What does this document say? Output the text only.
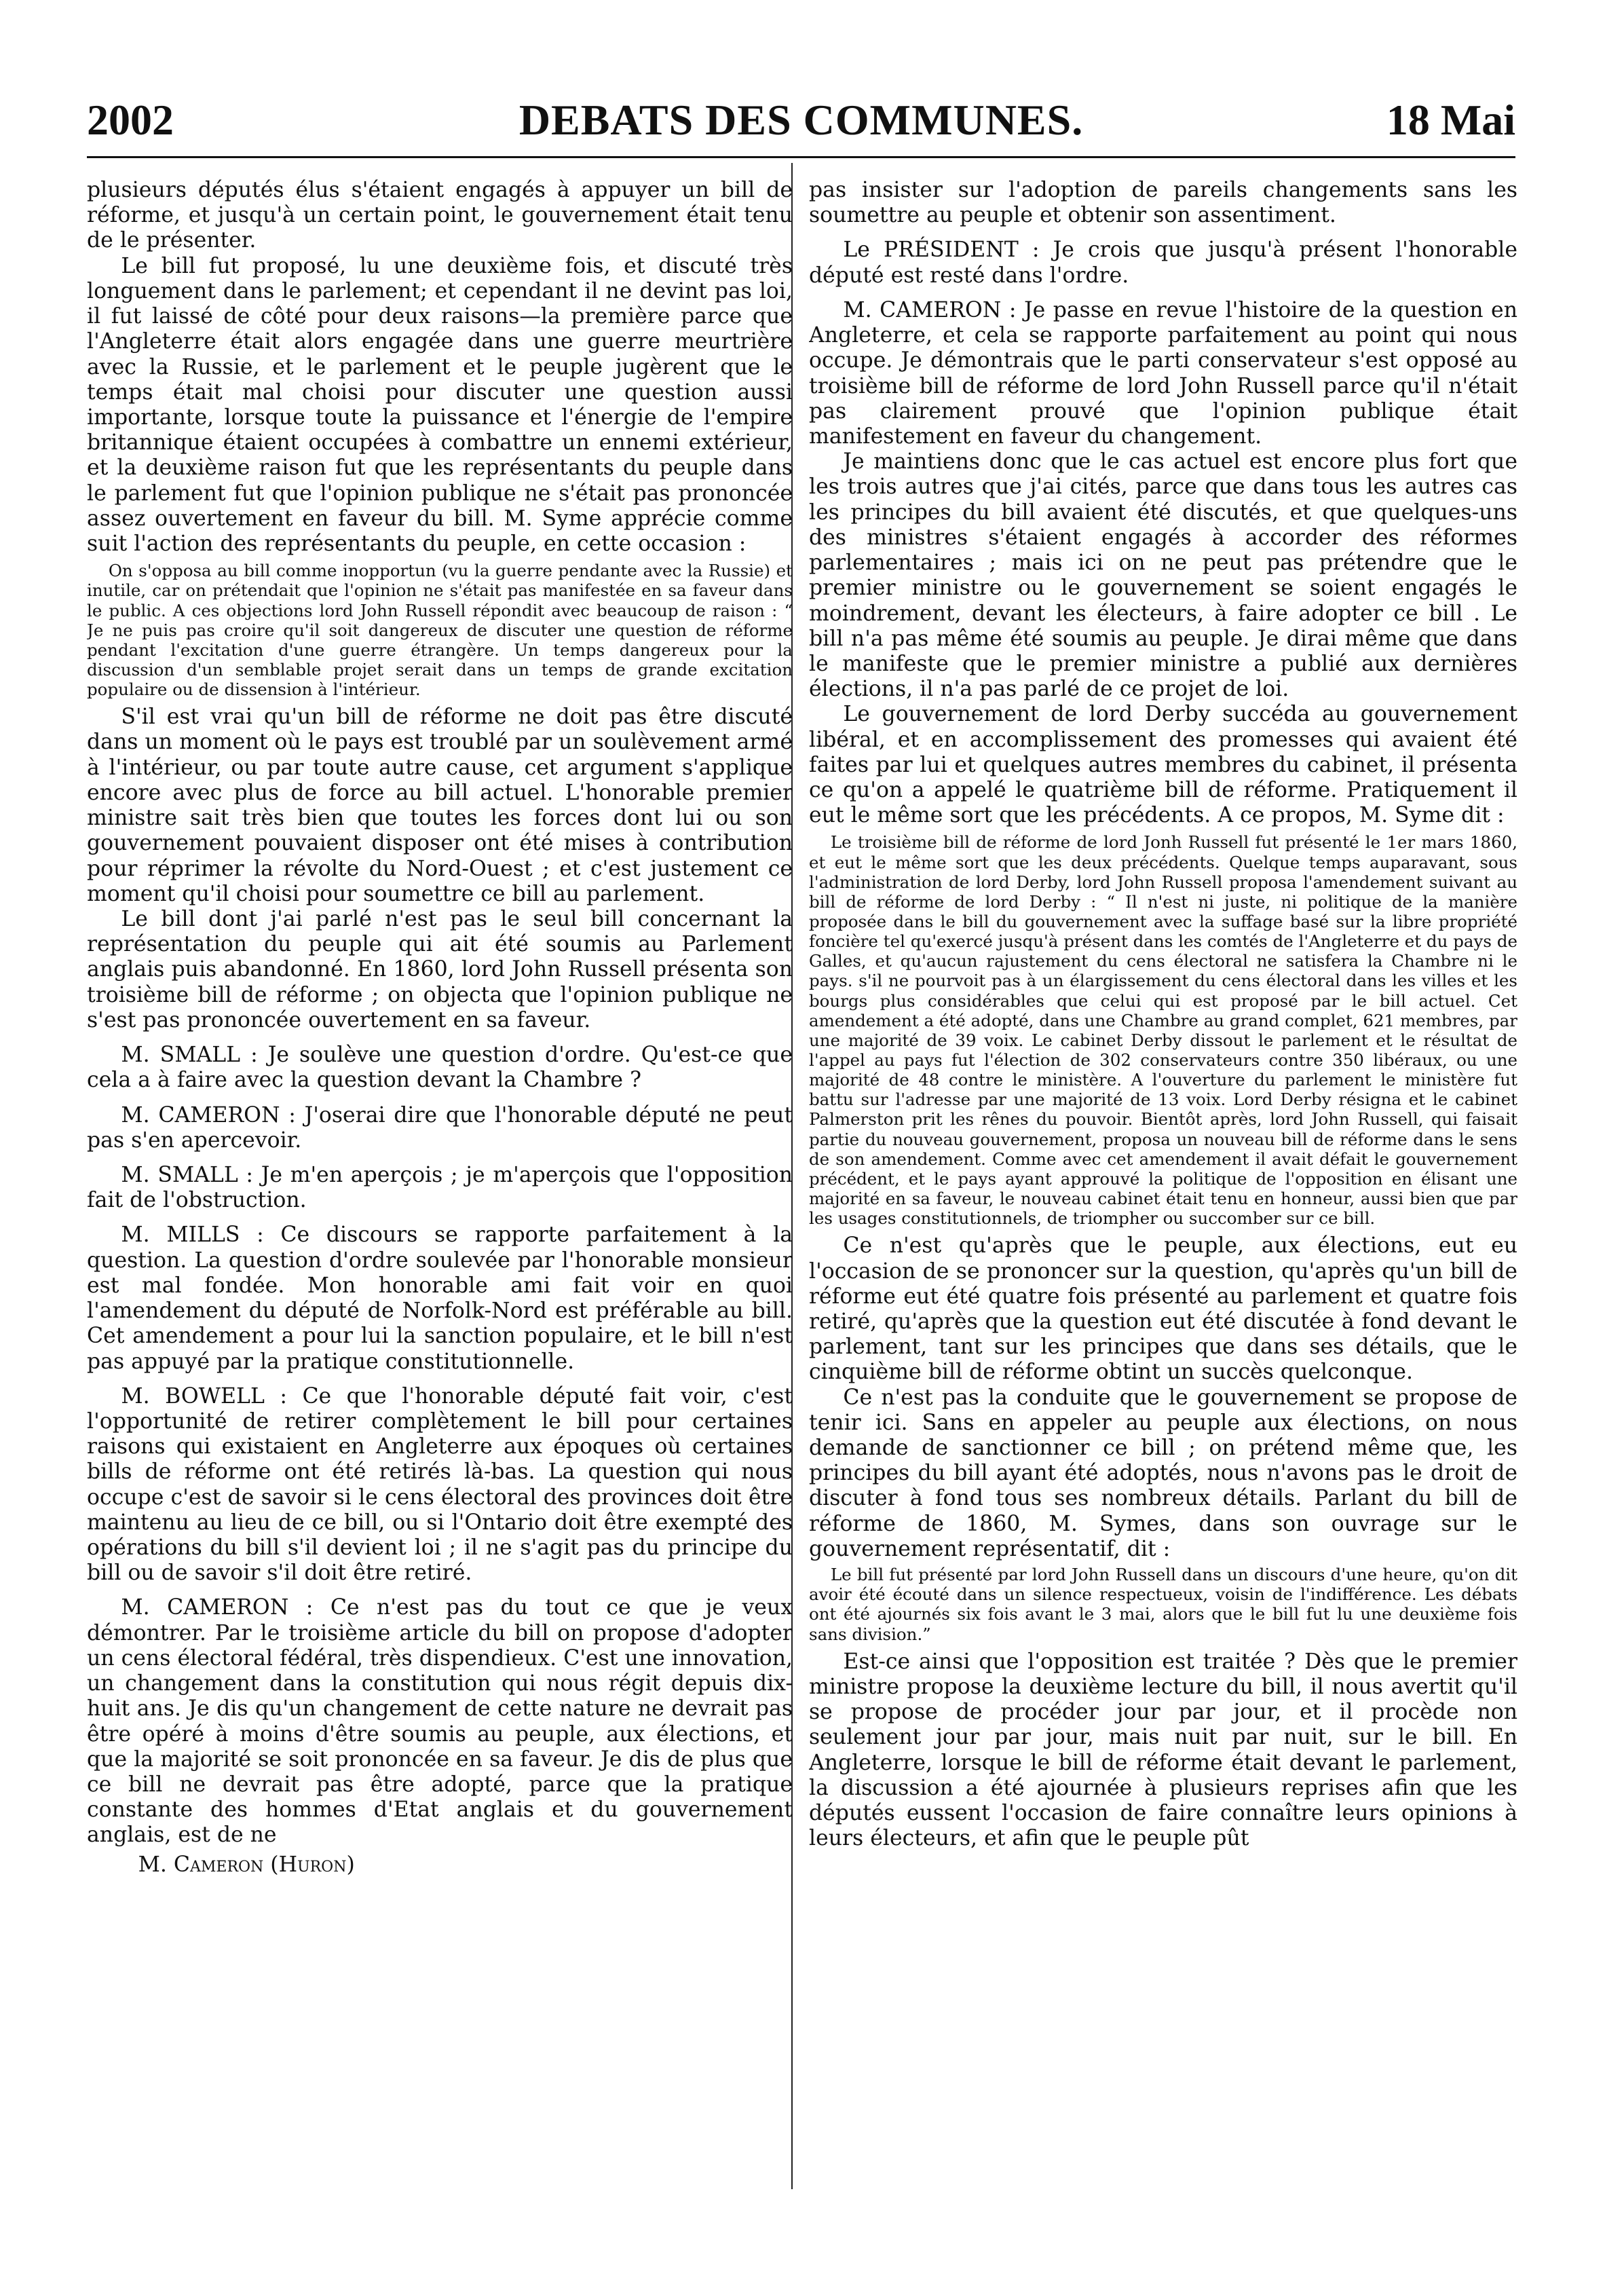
2002	DEBATS DES COMMUNES.	18 Mai

plusieurs députés élus s'étaient engagés à appuyer un bill de réforme, et jusqu'à un certain point, le gouvernement était tenu de le présenter.

Le bill fut proposé, lu une deuxième fois, et discuté très longuement dans le parlement; et cependant il ne devint pas loi, il fut laissé de côté pour deux raisons—la première parce que l'Angleterre était alors engagée dans une guerre meurtrière avec la Russie, et le parlement et le peuple jugèrent que le temps était mal choisi pour discuter une question aussi importante, lorsque toute la puissance et l'énergie de l'empire britannique étaient occupées à combattre un ennemi extérieur, et la deuxième raison fut que les représentants du peuple dans le parlement fut que l'opinion publique ne s'était pas prononcée assez ouvertement en faveur du bill. M. Syme apprécie comme suit l'action des représentants du peuple, en cette occasion :

On s'opposa au bill comme inopportun (vu la guerre pendante avec la Russie) et inutile, car on prétendait que l'opinion ne s'était pas manifestée en sa faveur dans le public. A ces objections lord John Russell répondit avec beaucoup de raison : “ Je ne puis pas croire qu'il soit dangereux de discuter une question de réforme pendant l'excitation d'une guerre étrangère. Un temps dangereux pour la discussion d'un semblable projet serait dans un temps de grande excitation populaire ou de dissension à l'intérieur.

S'il est vrai qu'un bill de réforme ne doit pas être discuté dans un moment où le pays est troublé par un soulèvement armé à l'intérieur, ou par toute autre cause, cet argument s'applique encore avec plus de force au bill actuel. L'honorable premier ministre sait très bien que toutes les forces dont lui ou son gouvernement pouvaient disposer ont été mises à contribution pour réprimer la révolte du Nord-Ouest ; et c'est justement ce moment qu'il choisi pour soumettre ce bill au parlement.

Le bill dont j'ai parlé n'est pas le seul bill concernant la représentation du peuple qui ait été soumis au Parlement anglais puis abandonné. En 1860, lord John Russell présenta son troisième bill de réforme ; on objecta que l'opinion publique ne s'est pas prononcée ouvertement en sa faveur.

M. SMALL : Je soulève une question d'ordre. Qu'est-ce que cela a à faire avec la question devant la Chambre ?

M. CAMERON : J'oserai dire que l'honorable député ne peut pas s'en apercevoir.

M. SMALL : Je m'en aperçois ; je m'aperçois que l'opposition fait de l'obstruction.

M. MILLS : Ce discours se rapporte parfaitement à la question. La question d'ordre soulevée par l'honorable monsieur est mal fondée. Mon honorable ami fait voir en quoi l'amendement du député de Norfolk-Nord est préférable au bill. Cet amendement a pour lui la sanction populaire, et le bill n'est pas appuyé par la pratique constitutionnelle.

M. BOWELL : Ce que l'honorable député fait voir, c'est l'opportunité de retirer complètement le bill pour certaines raisons qui existaient en Angleterre aux époques où certaines bills de réforme ont été retirés là-bas. La question qui nous occupe c'est de savoir si le cens électoral des provinces doit être maintenu au lieu de ce bill, ou si l'Ontario doit être exempté des opérations du bill s'il devient loi ; il ne s'agit pas du principe du bill ou de savoir s'il doit être retiré.

M. CAMERON : Ce n'est pas du tout ce que je veux démontrer. Par le troisième article du bill on propose d'adopter un cens électoral fédéral, très dispendieux. C'est une innovation, un changement dans la constitution qui nous régit depuis dix-huit ans. Je dis qu'un changement de cette nature ne devrait pas être opéré à moins d'être soumis au peuple, aux élections, et que la majorité se soit prononcée en sa faveur. Je dis de plus que ce bill ne devrait pas être adopté, parce que la pratique constante des hommes d'Etat anglais et du gouvernement anglais, est de ne

M. Cameron (Huron)

pas insister sur l'adoption de pareils changements sans les soumettre au peuple et obtenir son assentiment.

Le PRÉSIDENT : Je crois que jusqu'à présent l'honorable député est resté dans l'ordre.

M. CAMERON : Je passe en revue l'histoire de la question en Angleterre, et cela se rapporte parfaitement au point qui nous occupe. Je démontrais que le parti conservateur s'est opposé au troisième bill de réforme de lord John Russell parce qu'il n'était pas clairement prouvé que l'opinion publique était manifestement en faveur du changement.

Je maintiens donc que le cas actuel est encore plus fort que les trois autres que j'ai cités, parce que dans tous les autres cas les principes du bill avaient été discutés, et que quelques-uns des ministres s'étaient engagés à accorder des réformes parlementaires ; mais ici on ne peut pas prétendre que le premier ministre ou le gouvernement se soient engagés le moindrement, devant les électeurs, à faire adopter ce bill . Le bill n'a pas même été soumis au peuple. Je dirai même que dans le manifeste que le premier ministre a publié aux dernières élections, il n'a pas parlé de ce projet de loi.

Le gouvernement de lord Derby succéda au gouvernement libéral, et en accomplissement des promesses qui avaient été faites par lui et quelques autres membres du cabinet, il présenta ce qu'on a appelé le quatrième bill de réforme. Pratiquement il eut le même sort que les précédents. A ce propos, M. Syme dit :

Le troisième bill de réforme de lord Jonh Russell fut présenté le 1er mars 1860, et eut le même sort que les deux précédents. Quelque temps auparavant, sous l'administration de lord Derby, lord John Russell proposa l'amendement suivant au bill de réforme de lord Derby : “ Il n'est ni juste, ni politique de la manière proposée dans le bill du gouvernement avec la suffage basé sur la libre propriété foncière tel qu'exercé jusqu'à présent dans les comtés de l'Angleterre et du pays de Galles, et qu'aucun rajustement du cens électoral ne satisfera la Chambre ni le pays. s'il ne pourvoit pas à un élargissement du cens électoral dans les villes et les bourgs plus considérables que celui qui est proposé par le bill actuel. Cet amendement a été adopté, dans une Chambre au grand complet, 621 membres, par une majorité de 39 voix. Le cabinet Derby dissout le parlement et le résultat de l'appel au pays fut l'élection de 302 conservateurs contre 350 libéraux, ou une majorité de 48 contre le ministère. A l'ouverture du parlement le ministère fut battu sur l'adresse par une majorité de 13 voix. Lord Derby résigna et le cabinet Palmerston prit les rênes du pouvoir. Bientôt après, lord John Russell, qui faisait partie du nouveau gouvernement, proposa un nouveau bill de réforme dans le sens de son amendement. Comme avec cet amendement il avait défait le gouvernement précédent, et le pays ayant approuvé la politique de l'opposition en élisant une majorité en sa faveur, le nouveau cabinet était tenu en honneur, aussi bien que par les usages constitutionnels, de triompher ou succomber sur ce bill.

Ce n'est qu'après que le peuple, aux élections, eut eu l'occasion de se prononcer sur la question, qu'après qu'un bill de réforme eut été quatre fois présenté au parlement et quatre fois retiré, qu'après que la question eut été discutée à fond devant le parlement, tant sur les principes que dans ses détails, que le cinquième bill de réforme obtint un succès quelconque.

Ce n'est pas la conduite que le gouvernement se propose de tenir ici. Sans en appeler au peuple aux élections, on nous demande de sanctionner ce bill ; on prétend même que, les principes du bill ayant été adoptés, nous n'avons pas le droit de discuter à fond tous ses nombreux détails. Parlant du bill de réforme de 1860, M. Symes, dans son ouvrage sur le gouvernement représentatif, dit :

Le bill fut présenté par lord John Russell dans un discours d'une heure, qu'on dit avoir été écouté dans un silence respectueux, voisin de l'indifférence. Les débats ont été ajournés six fois avant le 3 mai, alors que le bill fut lu une deuxième fois sans division.”

Est-ce ainsi que l'opposition est traitée ? Dès que le premier ministre propose la deuxième lecture du bill, il nous avertit qu'il se propose de procéder jour par jour, et il procède non seulement jour par jour, mais nuit par nuit, sur le bill. En Angleterre, lorsque le bill de réforme était devant le parlement, la discussion a été ajournée à plusieurs reprises afin que les députés eussent l'occasion de faire connaître leurs opinions à leurs électeurs, et afin que le peuple pût
